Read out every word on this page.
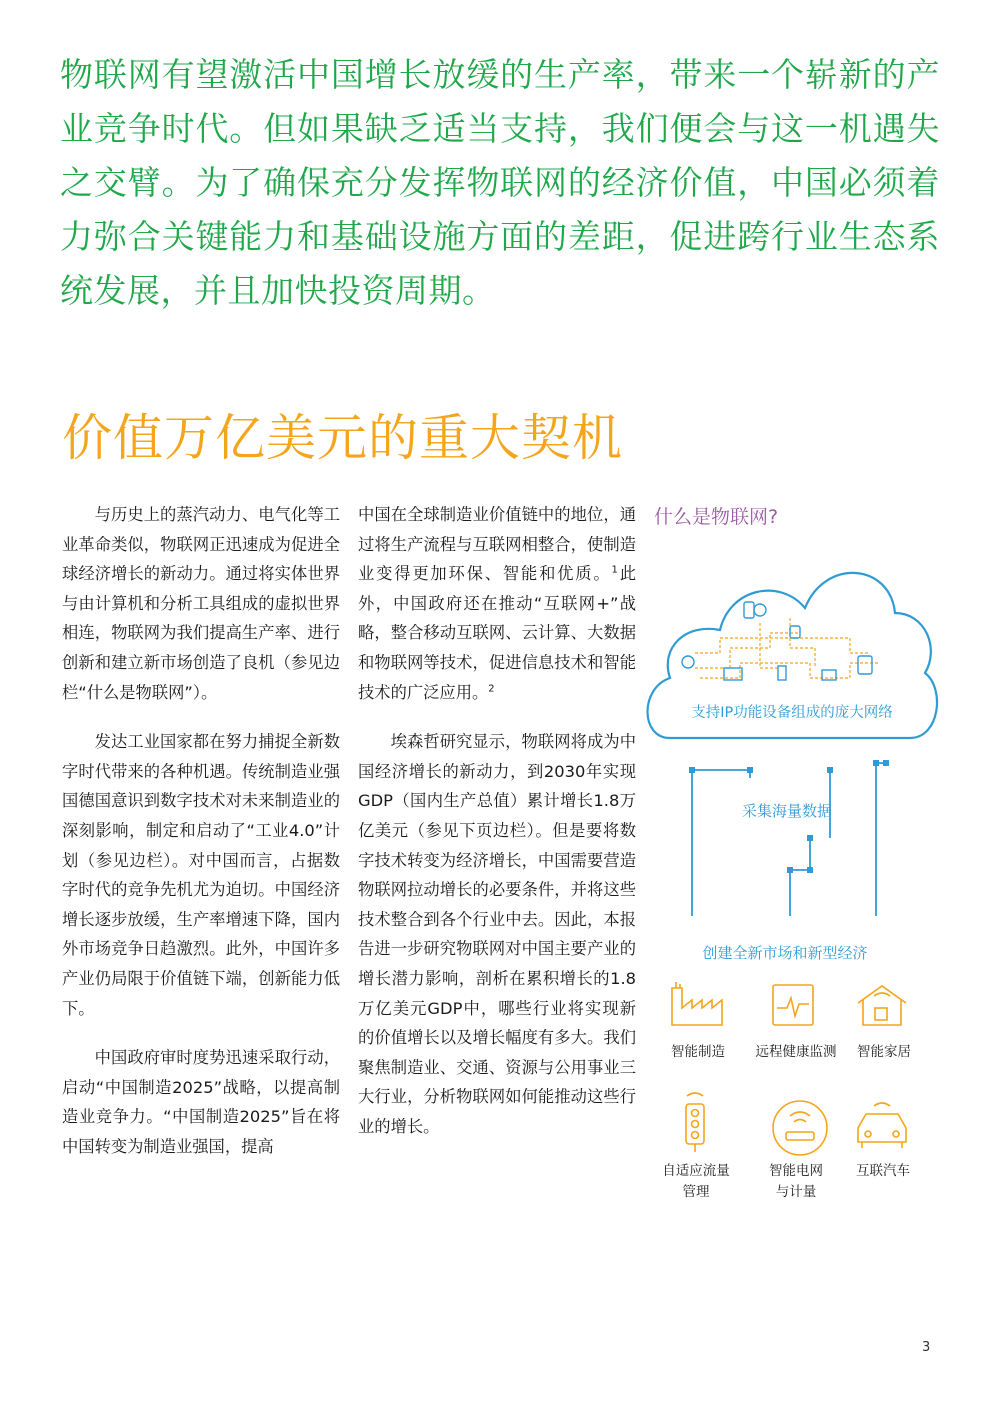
物联网有望激活中国增长放缓的生产率，带来一个崭新的产业竞争时代。但如果缺乏适当支持，我们便会与这一机遇失之交臂。为了确保充分发挥物联网的经济价值，中国必须着力弥合关键能力和基础设施方面的差距，促进跨行业生态系统发展，并且加快投资周期。
价值万亿美元的重大契机

与历史上的蒸汽动力、电气化等工业革命类似，物联网正迅速成为促进全球经济增长的新动力。通过将实体世界与由计算机和分析工具组成的虚拟世界相连，物联网为我们提高生产率、进行创新和建立新市场创造了良机（参见边栏“什么是物联网”）。

发达工业国家都在努力捕捉全新数字时代带来的各种机遇。传统制造业强国德国意识到数字技术对未来制造业的深刻影响，制定和启动了“工业4.0”计划（参见边栏）。对中国而言，占据数字时代的竞争先机尤为迫切。中国经济增长逐步放缓，生产率增速下降，国内外市场竞争日趋激烈。此外，中国许多产业仍局限于价值链下端，创新能力低下。

中国政府审时度势迅速采取行动，启动“中国制造2025”战略，以提高制造业竞争力。“中国制造2025”旨在将中国转变为制造业强国，提高

中国在全球制造业价值链中的地位，通过将生产流程与互联网相整合，使制造业变得更加环保、智能和优质。$^1$此外，中国政府还在推动“互联网+”战略，整合移动互联网、云计算、大数据和物联网等技术，促进信息技术和智能技术的广泛应用。$^2$

埃森哲研究显示，物联网将成为中国经济增长的新动力，到2030年实现GDP（国内生产总值）累计增长1.8万亿美元（参见下页边栏）。但是要将数字技术转变为经济增长，中国需要营造物联网拉动增长的必要条件，并将这些技术整合到各个行业中去。因此，本报告进一步研究物联网对中国主要产业的增长潜力影响，剖析在累积增长的1.8万亿美元GDP中，哪些行业将实现新的价值增长以及增长幅度有多大。我们聚焦制造业、交通、资源与公用事业三大行业，分析物联网如何能推动这些行业的增长。

什么是物联网?
支持IP功能设备组成的庞大网络
采集海量数据
创建全新市场和新型经济
智能制造	远程健康监测	智能家居
自适应流量
管理
智能电网
与计量
互联汽车
3
